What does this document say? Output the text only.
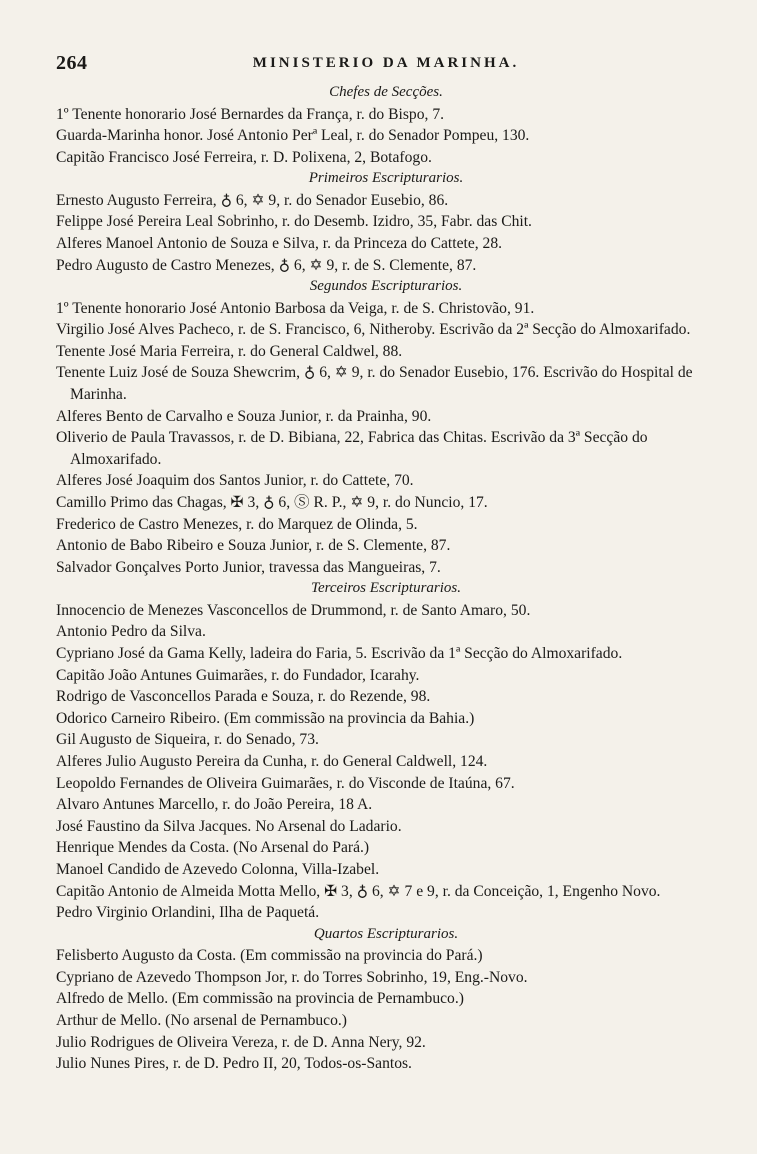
264	MINISTERIO DA MARINHA.
Chefes de Secções.

1º Tenente honorario José Bernardes da França, r. do Bispo, 7.

Guarda-Marinha honor. José Antonio Perª Leal, r. do Senador Pompeu, 130.

Capitão Francisco José Ferreira, r. D. Polixena, 2, Botafogo.

Primeiros Escripturarios.

Ernesto Augusto Ferreira, ♁ 6, ✡ 9, r. do Senador Eusebio, 86.

Felippe José Pereira Leal Sobrinho, r. do Desemb. Izidro, 35, Fabr. das Chit.

Alferes Manoel Antonio de Souza e Silva, r. da Princeza do Cattete, 28.

Pedro Augusto de Castro Menezes, ♁ 6, ✡ 9, r. de S. Clemente, 87.

Segundos Escripturarios.

1º Tenente honorario José Antonio Barbosa da Veiga, r. de S. Christovão, 91.

Virgilio José Alves Pacheco, r. de S. Francisco, 6, Nitheroby. Escrivão da 2ª Secção do Almoxarifado.

Tenente José Maria Ferreira, r. do General Caldwel, 88.

Tenente Luiz José de Souza Shewcrim, ♁ 6, ✡ 9, r. do Senador Eusebio, 176. Escrivão do Hospital de Marinha.

Alferes Bento de Carvalho e Souza Junior, r. da Prainha, 90.

Oliverio de Paula Travassos, r. de D. Bibiana, 22, Fabrica das Chitas. Escrivão da 3ª Secção do Almoxarifado.

Alferes José Joaquim dos Santos Junior, r. do Cattete, 70.

Camillo Primo das Chagas, ✠ 3, ♁ 6, Ⓢ R. P., ✡ 9, r. do Nuncio, 17.

Frederico de Castro Menezes, r. do Marquez de Olinda, 5.

Antonio de Babo Ribeiro e Souza Junior, r. de S. Clemente, 87.

Salvador Gonçalves Porto Junior, travessa das Mangueiras, 7.

Terceiros Escripturarios.

Innocencio de Menezes Vasconcellos de Drummond, r. de Santo Amaro, 50.

Antonio Pedro da Silva.

Cypriano José da Gama Kelly, ladeira do Faria, 5. Escrivão da 1ª Secção do Almoxarifado.

Capitão João Antunes Guimarães, r. do Fundador, Icarahy.

Rodrigo de Vasconcellos Parada e Souza, r. do Rezende, 98.

Odorico Carneiro Ribeiro. (Em commissão na provincia da Bahia.)

Gil Augusto de Siqueira, r. do Senado, 73.

Alferes Julio Augusto Pereira da Cunha, r. do General Caldwell, 124.

Leopoldo Fernandes de Oliveira Guimarães, r. do Visconde de Itaúna, 67.

Alvaro Antunes Marcello, r. do João Pereira, 18 A.

José Faustino da Silva Jacques. No Arsenal do Ladario.

Henrique Mendes da Costa. (No Arsenal do Pará.)

Manoel Candido de Azevedo Colonna, Villa-Izabel.

Capitão Antonio de Almeida Motta Mello, ✠ 3, ♁ 6, ✡ 7 e 9, r. da Conceição, 1, Engenho Novo.

Pedro Virginio Orlandini, Ilha de Paquetá.

Quartos Escripturarios.

Felisberto Augusto da Costa. (Em commissão na provincia do Pará.)

Cypriano de Azevedo Thompson Jor, r. do Torres Sobrinho, 19, Eng.-Novo.

Alfredo de Mello. (Em commissão na provincia de Pernambuco.)

Arthur de Mello. (No arsenal de Pernambuco.)

Julio Rodrigues de Oliveira Vereza, r. de D. Anna Nery, 92.

Julio Nunes Pires, r. de D. Pedro II, 20, Todos-os-Santos.
